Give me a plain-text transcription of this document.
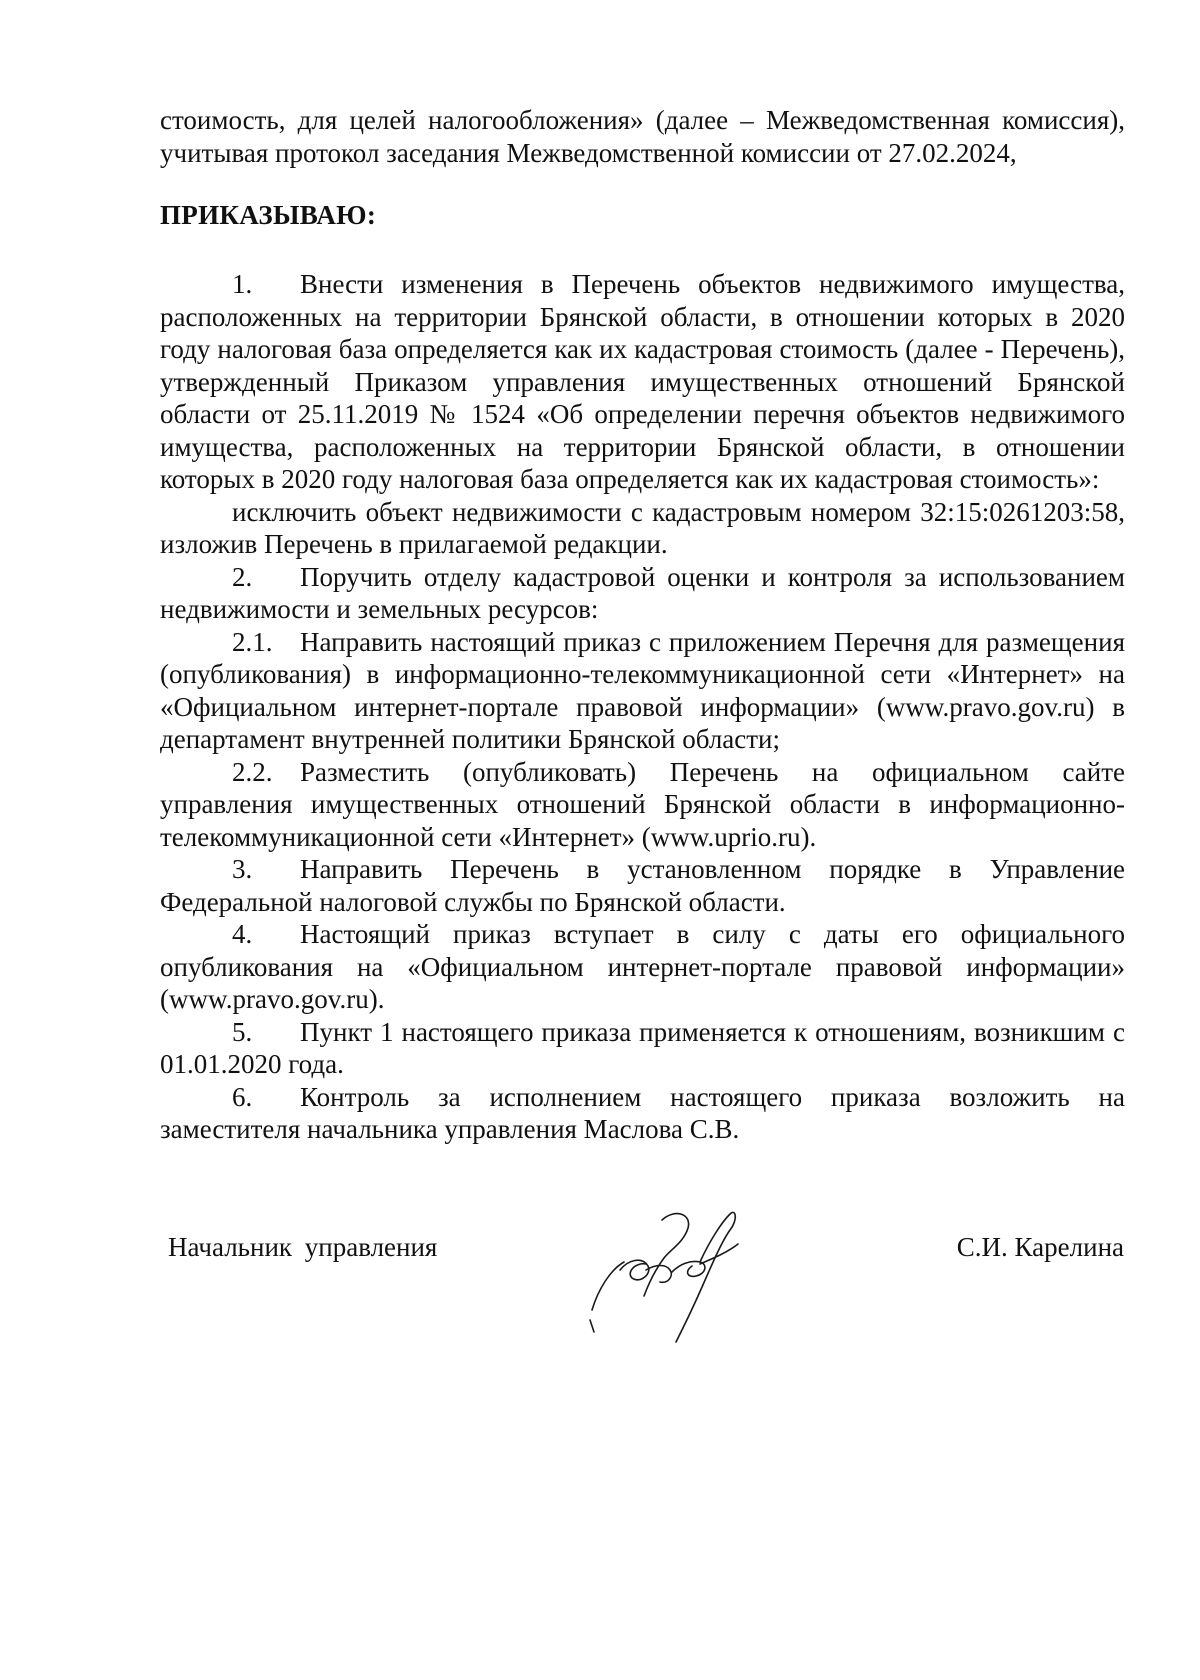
стоимость, для целей налогообложения» (далее – Межведомственная комиссия), учитывая протокол заседания Межведомственной комиссии от 27.02.2024,

ПРИКАЗЫВАЮ:

1. Внести изменения в Перечень объектов недвижимого имущества, расположенных на территории Брянской области, в отношении которых в 2020 году налоговая база определяется как их кадастровая стоимость (далее - Перечень), утвержденный Приказом управления имущественных отношений Брянской области от 25.11.2019 № 1524 «Об определении перечня объектов недвижимого имущества, расположенных на территории Брянской области, в отношении которых в 2020 году налоговая база определяется как их кадастровая стоимость»:

исключить объект недвижимости с кадастровым номером 32:15:0261203:58, изложив Перечень в прилагаемой редакции.

2. Поручить отделу кадастровой оценки и контроля за использованием недвижимости и земельных ресурсов:

2.1. Направить настоящий приказ с приложением Перечня для размещения (опубликования) в информационно-телекоммуникационной сети «Интернет» на «Официальном интернет-портале правовой информации» (www.pravo.gov.ru) в департамент внутренней политики Брянской области;

2.2. Разместить (опубликовать) Перечень на официальном сайте управления имущественных отношений Брянской области в информационно-телекоммуникационной сети «Интернет» (www.uprio.ru).

3. Направить Перечень в установленном порядке в Управление Федеральной налоговой службы по Брянской области.

4. Настоящий приказ вступает в силу с даты его официального опубликования на «Официальном интернет-портале правовой информации» (www.pravo.gov.ru).

5. Пункт 1 настоящего приказа применяется к отношениям, возникшим с 01.01.2020 года.

6. Контроль за исполнением настоящего приказа возложить на заместителя начальника управления Маслова С.В.

Начальник управления	С.И. Карелина
